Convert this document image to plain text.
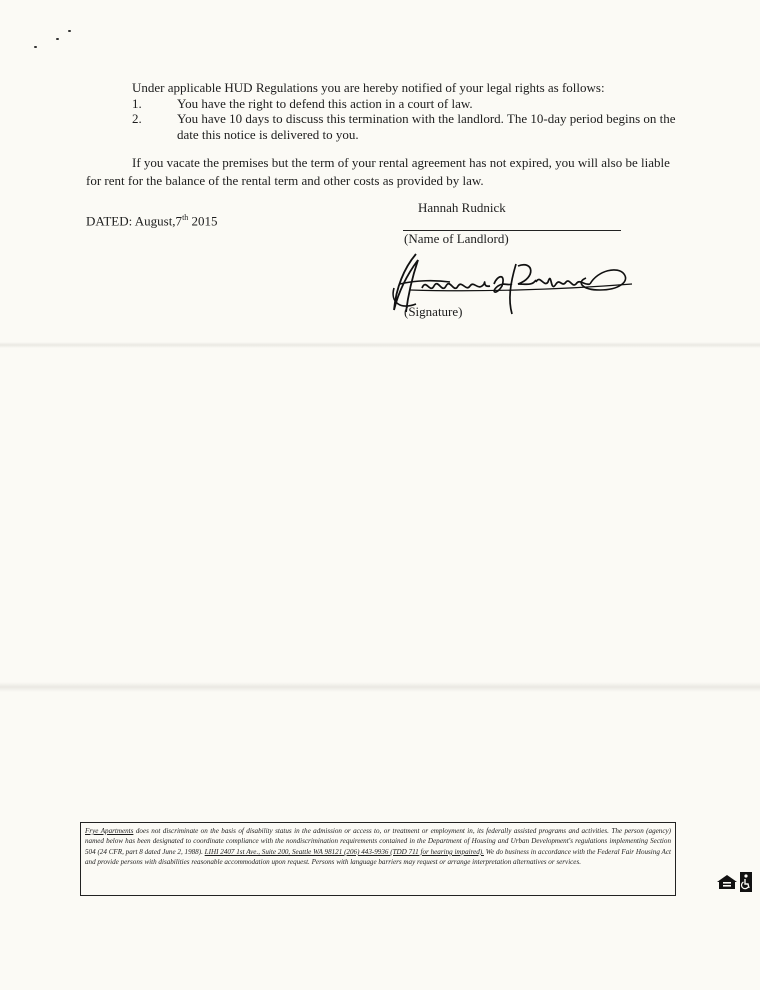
Under applicable HUD Regulations you are hereby notified of your legal rights as follows:
1.	You have the right to defend this action in a court of law.
2.	You have 10 days to discuss this termination with the landlord. The 10-day period begins on the date this notice is delivered to you.
If you vacate the premises but the term of your rental agreement has not expired, you will also be liable for rent for the balance of the rental term and other costs as provided by law.
DATED: August,7th 2015
Hannah Rudnick
(Name of Landlord)
(Signature)
Frye Apartments does not discriminate on the basis of disability status in the admission or access to, or treatment or employment in, its federally assisted programs and activities. The person (agency) named below has been designated to coordinate compliance with the nondiscrimination requirements contained in the Department of Housing and Urban Development's regulations implementing Section 504 (24 CFR, part 8 dated June 2, 1988). LIHI 2407 1st Ave., Suite 200, Seattle WA 98121 (206) 443-9936 (TDD 711 for hearing impaired). We do business in accordance with the Federal Fair Housing Act and provide persons with disabilities reasonable accommodation upon request. Persons with language barriers may request or arrange interpretation alternatives or services.
